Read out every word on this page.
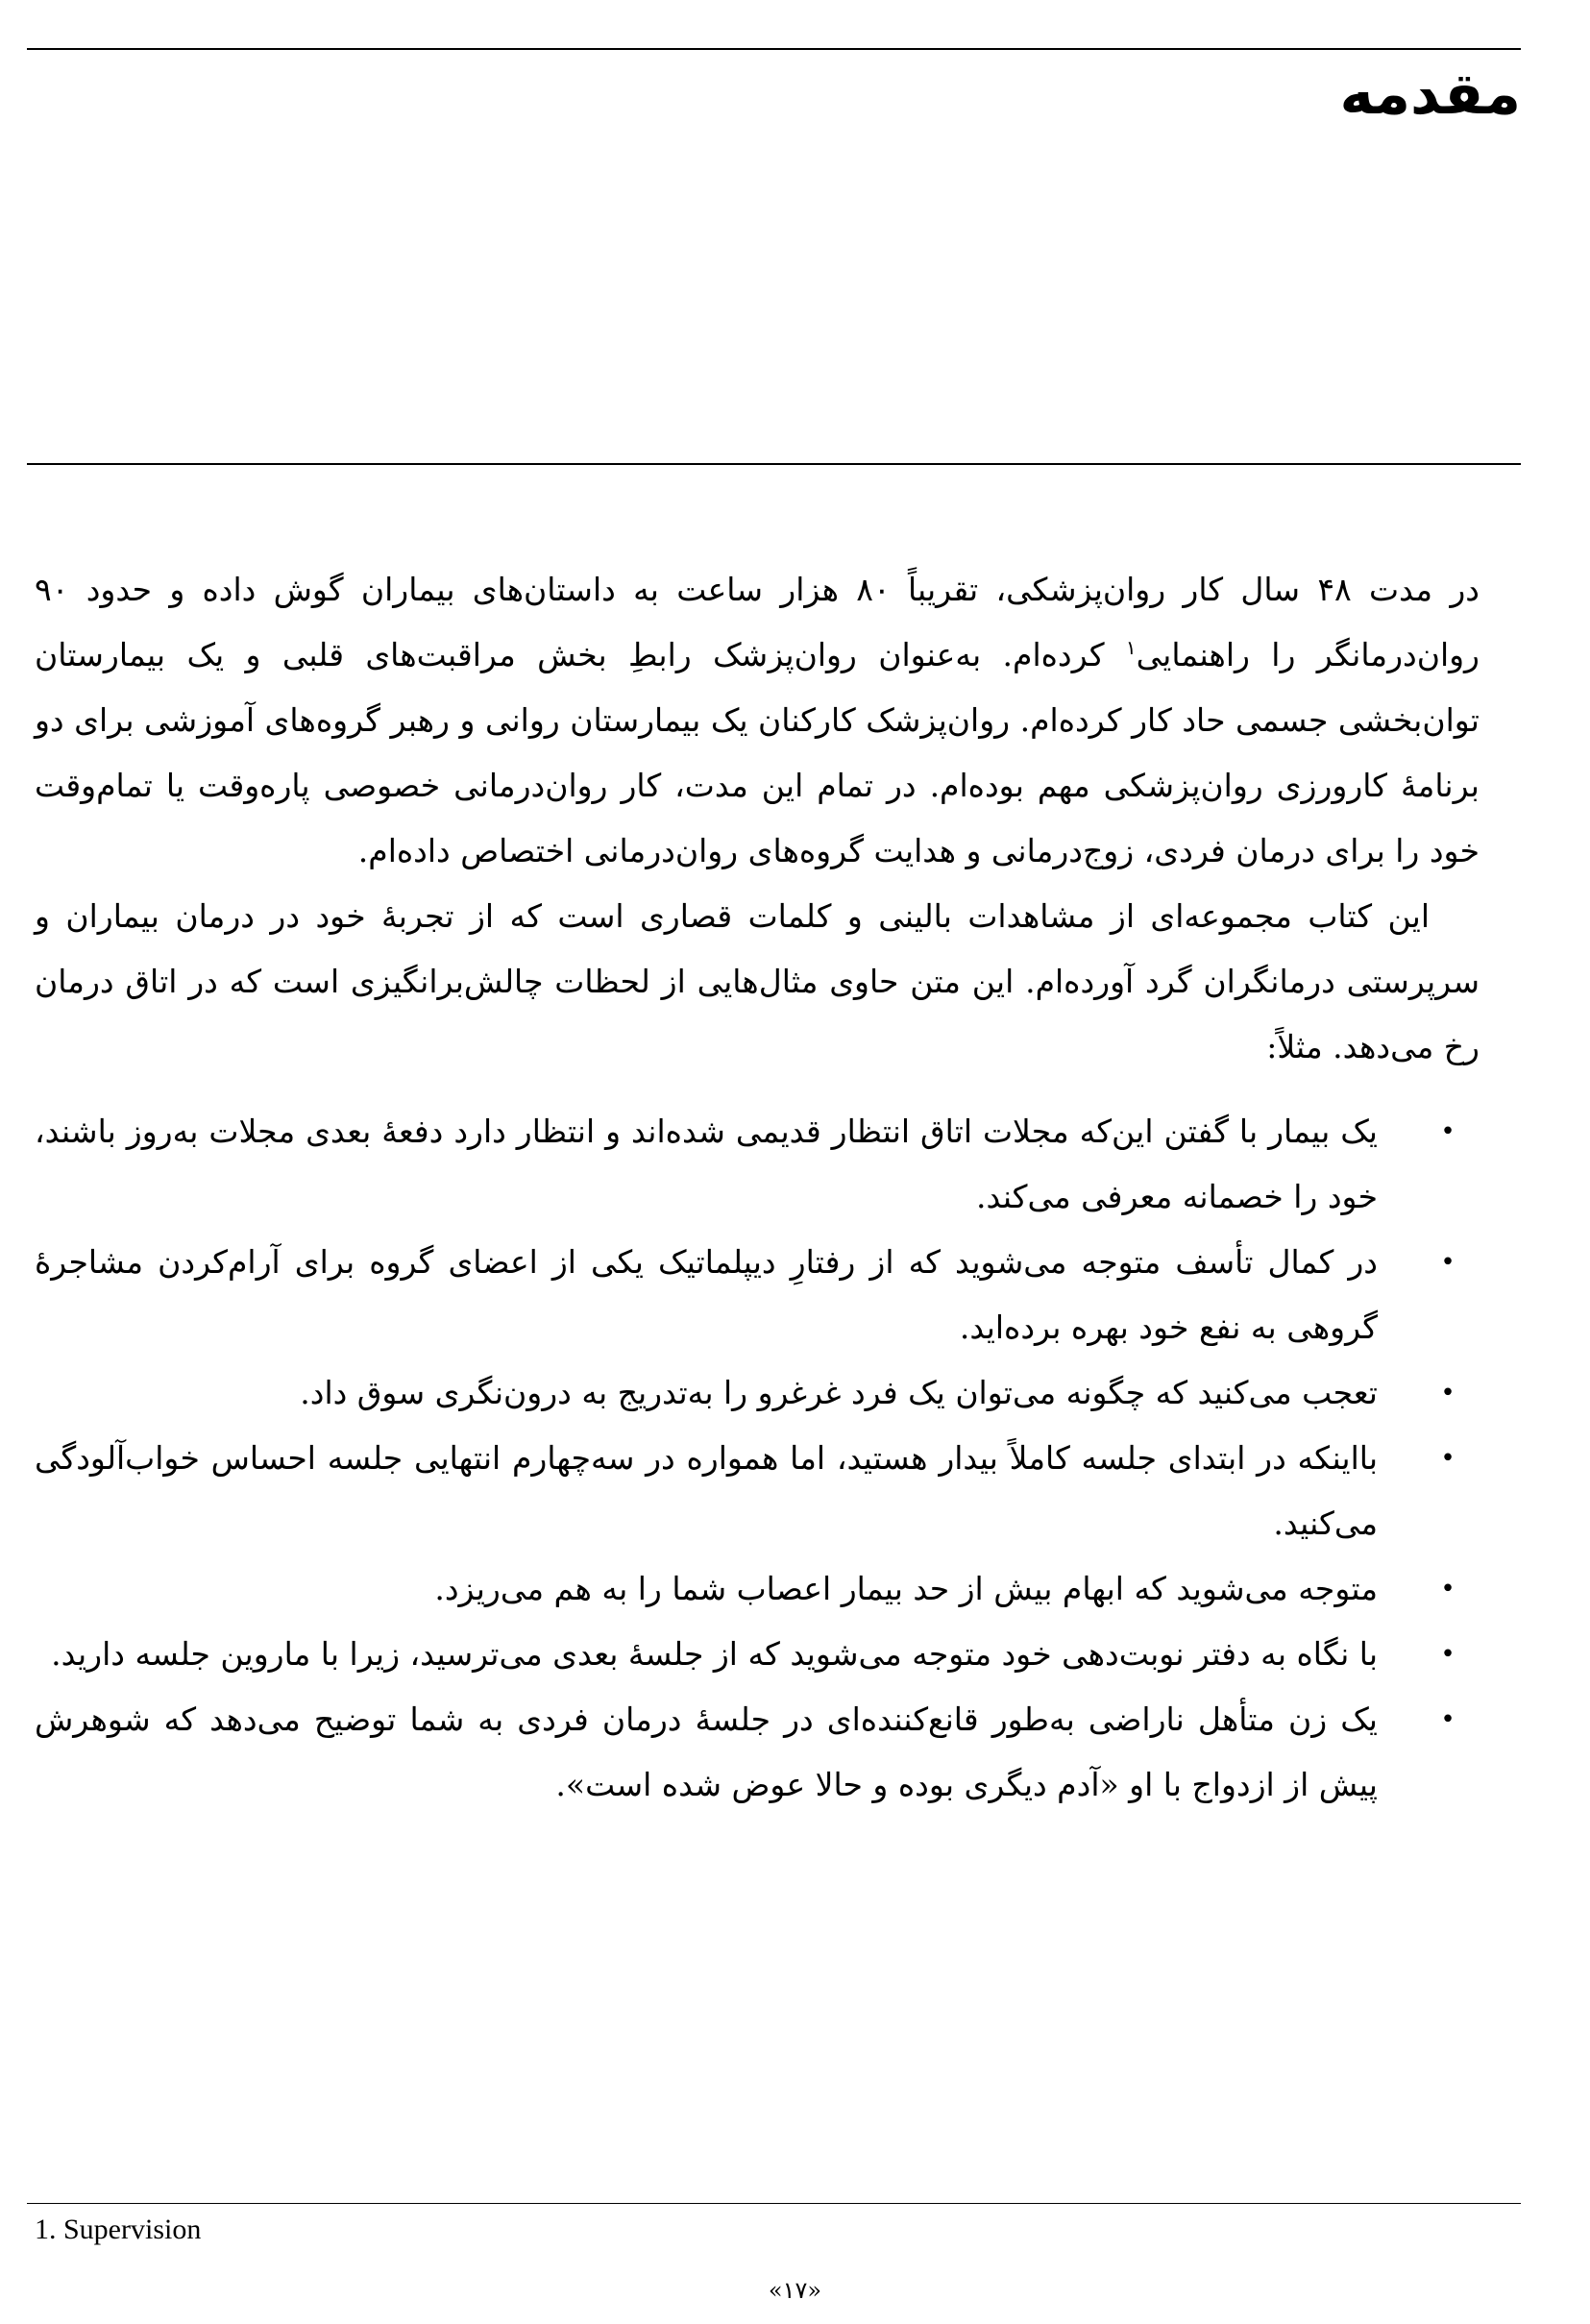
مقدمه

در مدت ۴۸ سال کار روان‌پزشکی، تقریباً ۸۰ هزار ساعت به داستان‌های بیماران گوش داده و حدود ۹۰ روان‌درمانگر را راهنمایی$^۱$ کرده‌ام. به‌عنوان روان‌پزشک رابطِ بخش مراقبت‌های قلبی و یک بیمارستان توان‌بخشی جسمی حاد کار کرده‌ام. روان‌پزشک کارکنان یک بیمارستان روانی و رهبر گروه‌های آموزشی برای دو برنامهٔ کارورزی روان‌پزشکی مهم بوده‌ام. در تمام این مدت، کار روان‌درمانی خصوصی پاره‌وقت یا تمام‌وقت خود را برای درمان فردی، زوج‌درمانی و هدایت گروه‌های روان‌درمانی اختصاص داده‌ام.

این کتاب مجموعه‌ای از مشاهدات بالینی و کلمات قصاری است که از تجربهٔ خود در درمان بیماران و سرپرستی درمانگران گرد آورده‌ام. این متن حاوی مثال‌هایی از لحظات چالش‌برانگیزی است که در اتاق درمان رخ می‌دهد. مثلاً:

•
یک بیمار با گفتن این‌که مجلات اتاق انتظار قدیمی شده‌اند و انتظار دارد دفعهٔ بعدی مجلات به‌روز باشند، خود را خصمانه معرفی می‌کند.
•
در کمال تأسف متوجه می‌شوید که از رفتارِ دیپلماتیک یکی از اعضای گروه برای آرام‌کردن مشاجرهٔ گروهی به نفع خود بهره برده‌اید.
•
تعجب می‌کنید که چگونه می‌توان یک فرد غرغرو را به‌تدریج به درون‌نگری سوق داد.
•
بااینکه در ابتدای جلسه کاملاً بیدار هستید، اما همواره در سه‌چهارم انتهایی جلسه احساس خواب‌آلودگی می‌کنید.
•
متوجه می‌شوید که ابهام بیش از حد بیمار اعصاب شما را به هم می‌ریزد.
•
با نگاه به دفتر نوبت‌دهی خود متوجه می‌شوید که از جلسهٔ بعدی می‌ترسید، زیرا با ماروین جلسه دارید.
•
یک زن متأهل ناراضی به‌طور قانع‌کننده‌ای در جلسهٔ درمان فردی به شما توضیح می‌دهد که شوهرش پیش از ازدواج با او «آدم دیگری بوده و حالا عوض شده است».
1. Supervision
«۱۷»
